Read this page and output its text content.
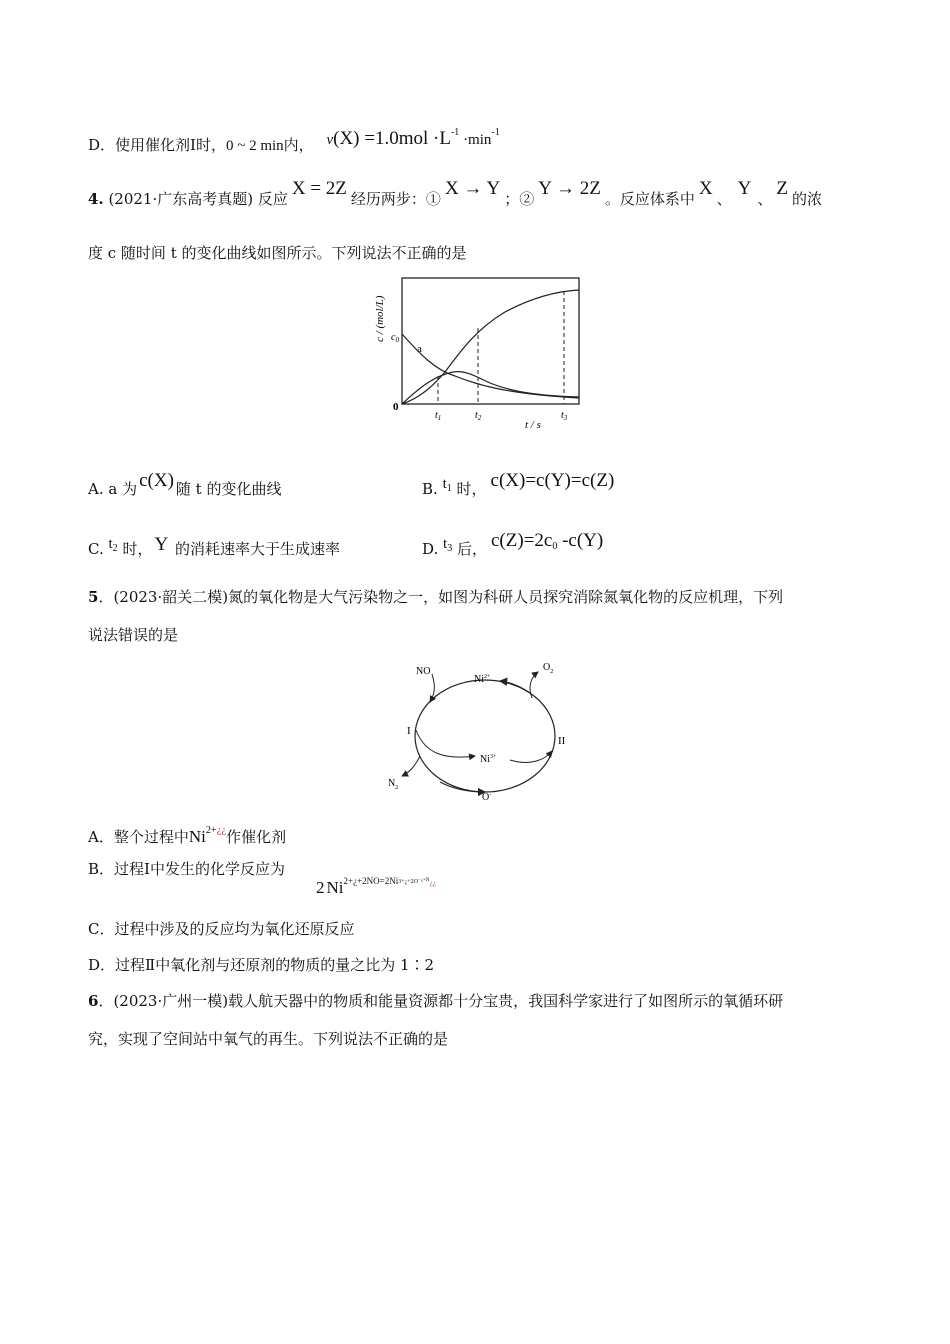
D．使用催化剂Ⅰ时，0 ~ 2 min内， $v(X) =1.0mol \cdot L^{-1} \cdot\min^{-1}$
4. (2021·广东高考真题) 反应 X = 2Z 经历两步：① X → Y ；② Y → 2Z 。反应体系中 X 、 Y 、 Z 的浓
度 c 随时间 t 的变化曲线如图所示。下列说法不正确的是
c / (mol/L) $c_0$
a
0
$t_1$	$t_2$	$t_3$
t / s
A. a 为 c(X) 随 t 的变化曲线	B. $t^1$ 时， c(X)=c(Y)=c(Z)
C. $t^2$ 时， Y 的消耗速率大于生成速率	D. $t^3$ 后， $c(Z)=2c^0$ -c(Y)
5．(2023·韶关二模)氮的氧化物是大气污染物之一，如图为科研人员探究消除氮氧化物的反应机理，下列
说法错误的是
NO
$Ni^{2+}$
$O_2$
I
II
$Ni^{3+}$
$N_2$
O-
A．整个过程中$Ni^{2+¿¿}$作催化剂
B．过程Ⅰ中发生的化学反应为
2 $Ni^{2+¿+2NO=2Ni3+¿+2O-¿+N¿¿}$
C．过程中涉及的反应均为氧化还原反应
D．过程Ⅱ中氧化剂与还原剂的物质的量之比为 1∶2
6．(2023·广州一模)载人航天器中的物质和能量资源都十分宝贵，我国科学家进行了如图所示的氧循环研
究，实现了空间站中氧气的再生。下列说法不正确的是
